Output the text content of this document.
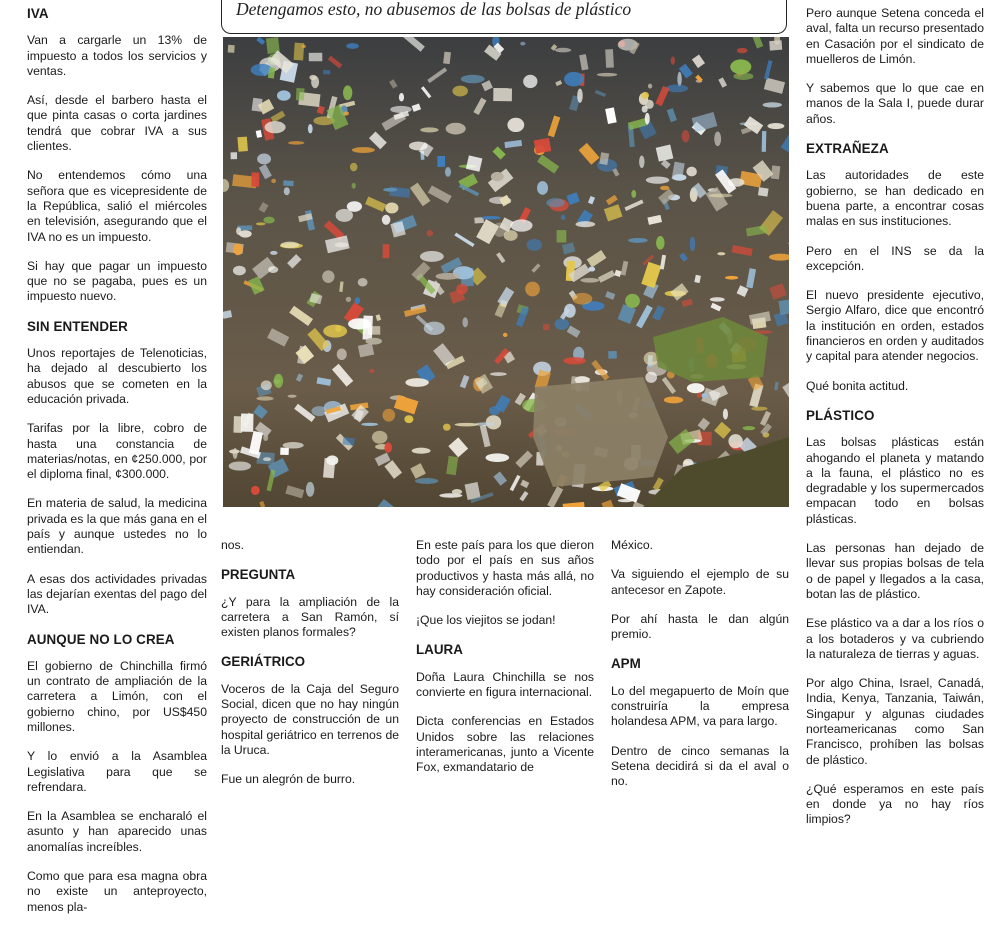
IVA

Van a cargarle un 13% de impuesto a todos los servicios y ventas.

Así, desde el barbero hasta el que pinta casas o corta jardines tendrá que cobrar IVA a sus clientes.

No entendemos cómo una señora que es vicepresidente de la República, salió el miércoles en televisión, asegurando que el IVA no es un impuesto.

Si hay que pagar un impuesto que no se pagaba, pues es un impuesto nuevo.

SIN ENTENDER

Unos reportajes de Telenoticias, ha dejado al descubierto los abusos que se cometen en la educación privada.

Tarifas por la libre, cobro de hasta una constancia de materias/notas, en ¢250.000, por el diploma final, ¢300.000.

En materia de salud, la medicina privada es la que más gana en el país y aunque ustedes no lo entiendan.

A esas dos actividades privadas las dejarían exentas del pago del IVA.

AUNQUE NO LO CREA

El gobierno de Chinchilla firmó un contrato de ampliación de la carretera a Limón, con el gobierno chino, por US$450 millones.

Y lo envió a la Asamblea Legislativa para que se refrendara.

En la Asamblea se encharaló el asunto y han aparecido unas anomalías increíbles.

Como que para esa magna obra no existe un anteproyecto, menos pla-

Detengamos esto, no abusemos de las bolsas de plástico	Pero aunque Setena conceda el aval, falta un recurso presentado en Casación por el sindicato de muelleros de Limón.

Y sabemos que lo que cae en manos de la Sala I, puede durar años.

EXTRAÑEZA

Las autoridades de este gobierno, se han dedicado en buena parte, a encontrar cosas malas en sus instituciones.

Pero en el INS se da la excepción.

El nuevo presidente ejecutivo, Sergio Alfaro, dice que encontró la institución en orden, estados financieros en orden y auditados y capital para atender negocios.

Qué bonita actitud.

PLÁSTICO

Las bolsas plásticas están ahogando el planeta y matando a la fauna, el plástico no es degradable y los supermercados empacan todo en bolsas plásticas.

Las personas han dejado de llevar sus propias bolsas de tela o de papel y llegados a la casa, botan las de plástico.

Ese plástico va a dar a los ríos o a los botaderos y va cubriendo la naturaleza de tierras y aguas.

Por algo China, Israel, Canadá, India, Kenya, Tanzania, Taiwán, Singapur y algunas ciudades norteamericanas como San Francisco, prohíben las bolsas de plástico.

¿Qué esperamos en este país en donde ya no hay ríos limpios?

nos.

PREGUNTA

¿Y para la ampliación de la carretera a San Ramón, sí existen planos formales?

GERIÁTRICO

Voceros de la Caja del Seguro Social, dicen que no hay ningún proyecto de construcción de un hospital geriátrico en terrenos de la Uruca.

Fue un alegrón de burro.

En este país para los que dieron todo por el país en sus años productivos y hasta más allá, no hay consideración oficial.

¡Que los viejitos se jodan!

LAURA

Doña Laura Chinchilla se nos convierte en figura internacional.

Dicta conferencias en Estados Unidos sobre las relaciones interamericanas, junto a Vicente Fox, exmandatario de

México.

Va siguiendo el ejemplo de su antecesor en Zapote.

Por ahí hasta le dan algún premio.

APM

Lo del megapuerto de Moín que construiría la empresa holandesa APM, va para largo.

Dentro de cinco semanas la Setena decidirá si da el aval o no.
